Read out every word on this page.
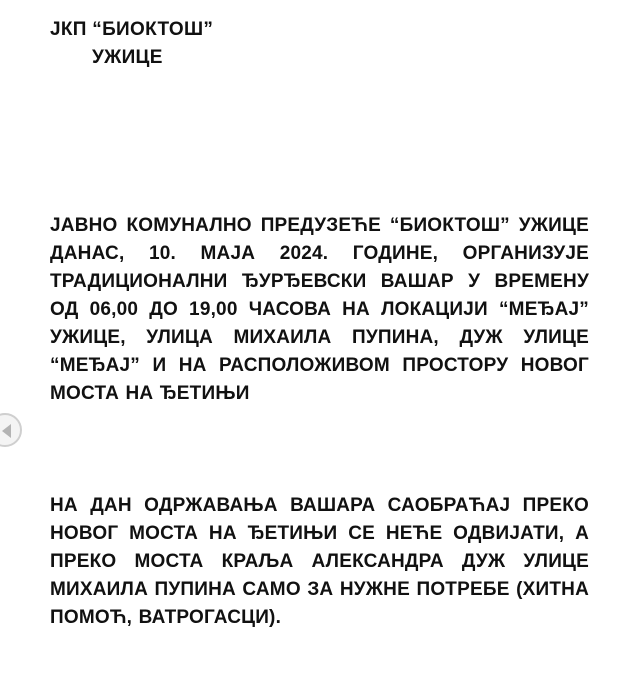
ЈКП “БИОКТОШ”

УЖИЦЕ

ЈАВНО КОМУНАЛНО ПРЕДУЗЕЋЕ “БИОКТОШ” УЖИЦЕ ДАНАС, 10. МАЈА 2024. ГОДИНЕ, ОРГАНИЗУЈЕ ТРАДИЦИОНАЛНИ ЂУРЂЕВСКИ ВАШАР У ВРЕМЕНУ ОД 06,00 ДО 19,00 ЧАСОВА НА ЛОКАЦИЈИ “МЕЂАЈ” УЖИЦЕ, УЛИЦА МИХАИЛА ПУПИНА, ДУЖ УЛИЦЕ “МЕЂАЈ” И НА РАСПОЛОЖИВОМ ПРОСТОРУ НОВОГ МОСТА НА ЂЕТИЊИ

НА ДАН ОДРЖАВАЊА ВАШАРА САОБРАЋАЈ ПРЕКО НОВОГ МОСТА НА ЂЕТИЊИ СЕ НЕЋЕ ОДВИЈАТИ, А ПРЕКО МОСТА КРАЉА АЛЕКСАНДРА ДУЖ УЛИЦЕ МИХАИЛА ПУПИНА САМО ЗА НУЖНЕ ПОТРЕБЕ (ХИТНА ПОМОЋ, ВАТРОГАСЦИ).
